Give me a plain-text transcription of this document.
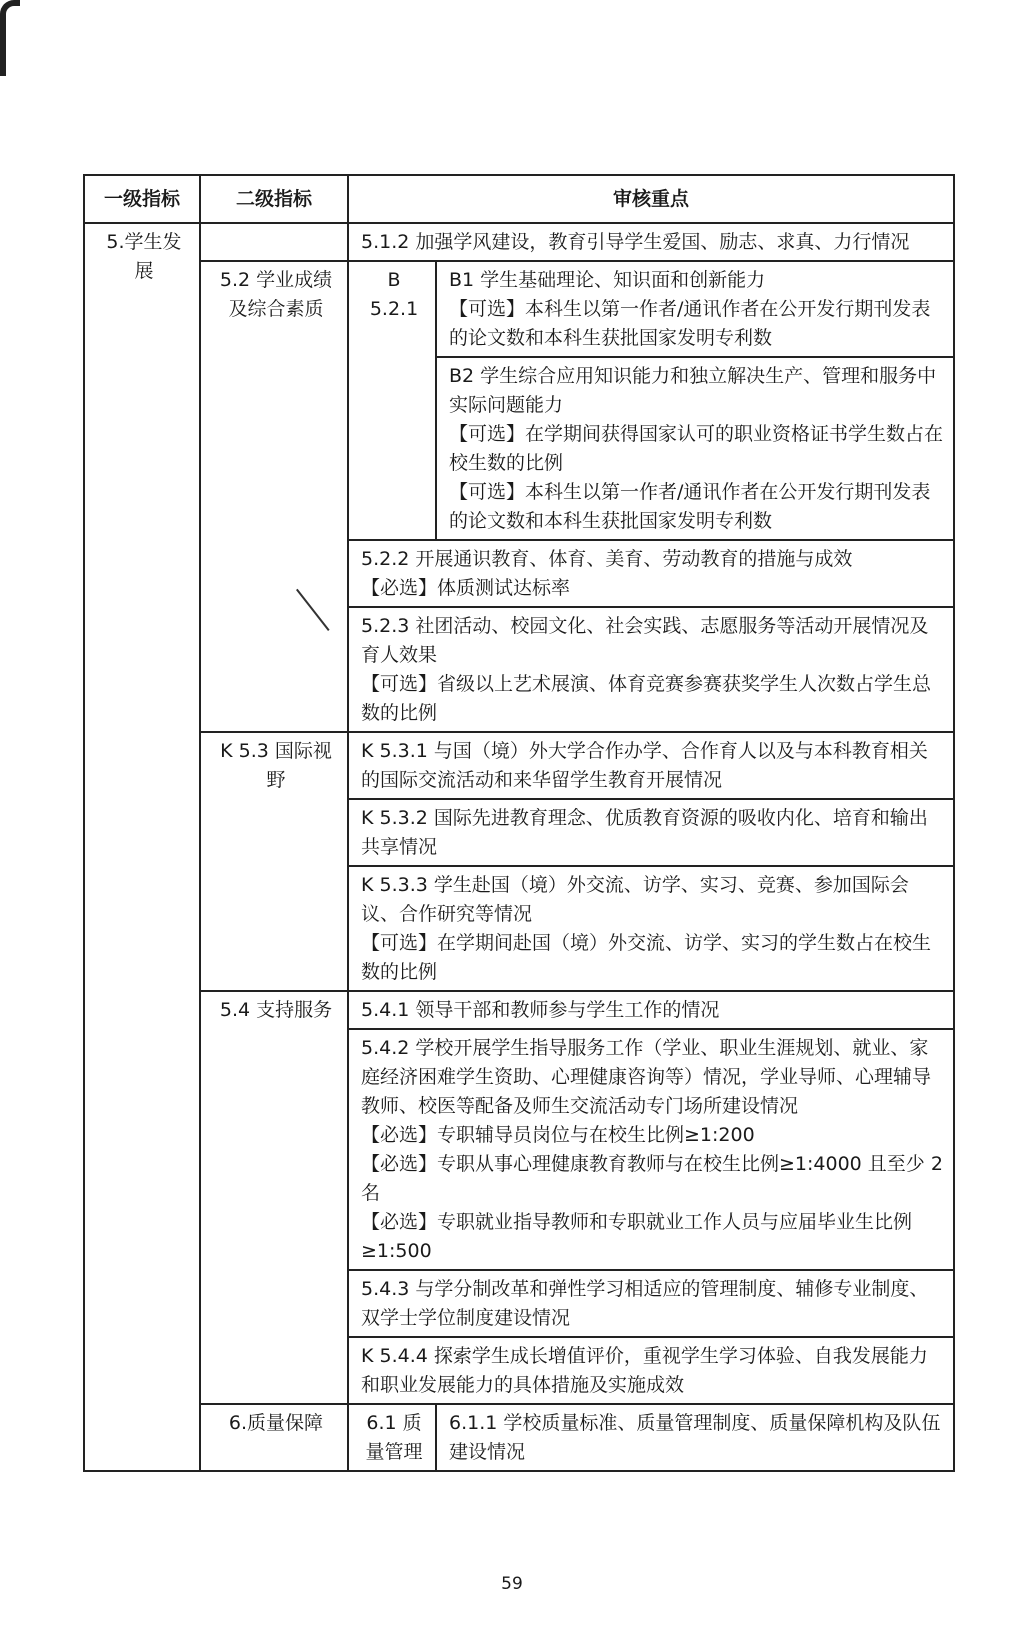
一级指标	二级指标	审核重点	
5.学生发展		5.1.2 加强学风建设，教育引导学生爱国、励志、求真、力行情况	
	5.2 学业成绩及综合素质	B 5.2.1	B1 学生基础理论、知识面和创新能力
【可选】本科生以第一作者/通讯作者在公开发行期刊发表的论文数和本科生获批国家发明专利数

			B2 学生综合应用知识能力和独立解决生产、管理和服务中实际问题能力
【可选】在学期间获得国家认可的职业资格证书学生数占在校生数的比例
【可选】本科生以第一作者/通讯作者在公开发行期刊发表的论文数和本科生获批国家发明专利数

		5.2.2 开展通识教育、体育、美育、劳动教育的措施与成效
【必选】体质测试达标率	

		5.2.3 社团活动、校园文化、社会实践、志愿服务等活动开展情况及育人效果
【可选】省级以上艺术展演、体育竞赛参赛获奖学生人次数占学生总数的比例	

	K 5.3 国际视野	K 5.3.1 与国（境）外大学合作办学、合作育人以及与本科教育相关的国际交流活动和来华留学生教育开展情况	
		K 5.3.2 国际先进教育理念、优质教育资源的吸收内化、培育和输出共享情况	

		K 5.3.3 学生赴国（境）外交流、访学、实习、竞赛、参加国际会议、合作研究等情况
【可选】在学期间赴国（境）外交流、访学、实习的学生数占在校生数的比例	

	5.4 支持服务	5.4.1 领导干部和教师参与学生工作的情况	

		5.4.2 学校开展学生指导服务工作（学业、职业生涯规划、就业、家庭经济困难学生资助、心理健康咨询等）情况，学业导师、心理辅导教师、校医等配备及师生交流活动专门场所建设情况
【必选】专职辅导员岗位与在校生比例≥1:200
【必选】专职从事心理健康教育教师与在校生比例≥1:4000 且至少 2 名
【必选】专职就业指导教师和专职就业工作人员与应届毕业生比例≥1:500	

		5.4.3 与学分制改革和弹性学习相适应的管理制度、辅修专业制度、双学士学位制度建设情况	
		K 5.4.4 探索学生成长增值评价，重视学生学习体验、自我发展能力和职业发展能力的具体措施及实施成效	
	6.质量保障	6.1 质量管理	6.1.1 学校质量标准、质量管理制度、质量保障机构及队伍建设情况
59
